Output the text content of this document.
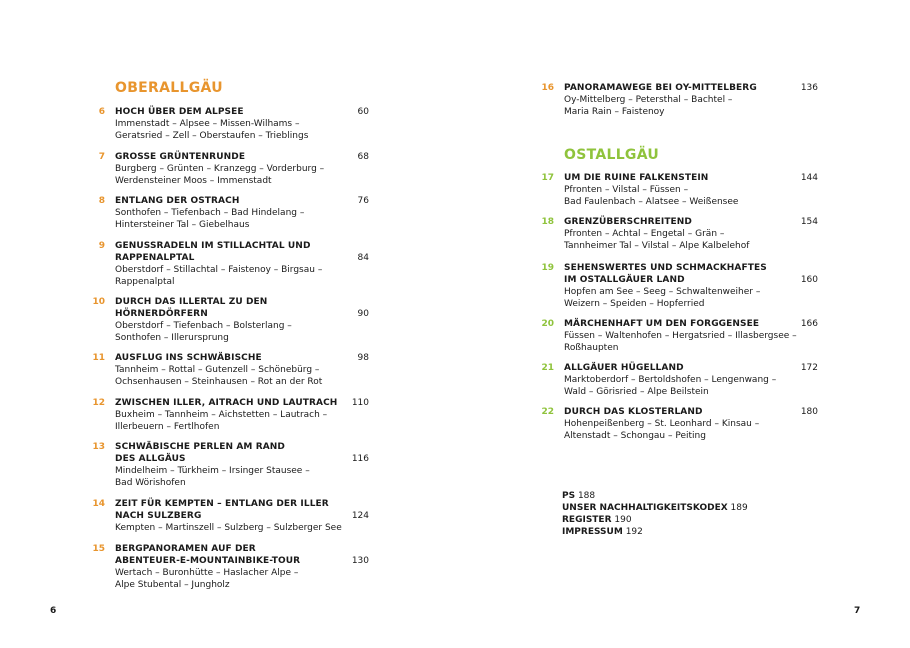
OBERALLGÄU
6 HOCH ÜBER DEM ALPSEE
Immenstadt – Alpsee – Missen-Wilhams –
Geratsried – Zell – Oberstaufen – Trieblings
60
7 GROSSE GRÜNTENRUNDE
Burgberg – Grünten – Kranzegg – Vorderburg –
Werdensteiner Moos – Immenstadt
68
8 ENTLANG DER OSTRACH
Sonthofen – Tiefenbach – Bad Hindelang –
Hintersteiner Tal – Giebelhaus
76
9 GENUSSRADELN IM STILLACHTAL UND
RAPPENALPTAL
Oberstdorf – Stillachtal – Faistenoy – Birgsau –
Rappenalptal
84
10 DURCH DAS ILLERTAL ZU DEN
HÖRNERDÖRFERN
Oberstdorf – Tiefenbach – Bolsterlang –
Sonthofen – Illerursprung
90
11 AUSFLUG INS SCHWÄBISCHE
Tannheim – Rottal – Gutenzell – Schönebürg –
Ochsenhausen – Steinhausen – Rot an der Rot
98
12 ZWISCHEN ILLER, AITRACH UND LAUTRACH
Buxheim – Tannheim – Aichstetten – Lautrach –
Illerbeuern – Fertlhofen
110
13 SCHWÄBISCHE PERLEN AM RAND
DES ALLGÄUS
Mindelheim – Türkheim – Irsinger Stausee –
Bad Wörishofen
116
14 ZEIT FÜR KEMPTEN – ENTLANG DER ILLER
NACH SULZBERG
Kempten – Martinszell – Sulzberg – Sulzberger See
124
15 BERGPANORAMEN AUF DER
ABENTEUER-E-MOUNTAINBIKE-TOUR
Wertach – Buronhütte – Haslacher Alpe –
Alpe Stubental – Jungholz
130
6
16 PANORAMAWEGE BEI OY-MITTELBERG
Oy-Mittelberg – Petersthal – Bachtel –
Maria Rain – Faistenoy
136
OSTALLGÄU
17 UM DIE RUINE FALKENSTEIN
Pfronten – Vilstal – Füssen –
Bad Faulenbach – Alatsee – Weißensee
144
18 GRENZÜBERSCHREITEND
Pfronten – Achtal – Engetal – Grän –
Tannheimer Tal – Vilstal – Alpe Kalbelehof
154
19 SEHENSWERTES UND SCHMACKHAFTES
IM OSTALLGÄUER LAND
Hopfen am See – Seeg – Schwaltenweiher –
Weizern – Speiden – Hopferried
160
20 MÄRCHENHAFT UM DEN FORGGENSEE
Füssen – Waltenhofen – Hergatsried – Illasbergsee –
Roßhaupten
166
21 ALLGÄUER HÜGELLAND
Marktoberdorf – Bertoldshofen – Lengenwang –
Wald – Görisried – Alpe Beilstein
172
22 DURCH DAS KLOSTERLAND
Hohenpeißenberg – St. Leonhard – Kinsau –
Altenstadt – Schongau – Peiting
180
PS 188
UNSER NACHHALTIGKEITSKODEX 189
REGISTER 190
IMPRESSUM 192
7
